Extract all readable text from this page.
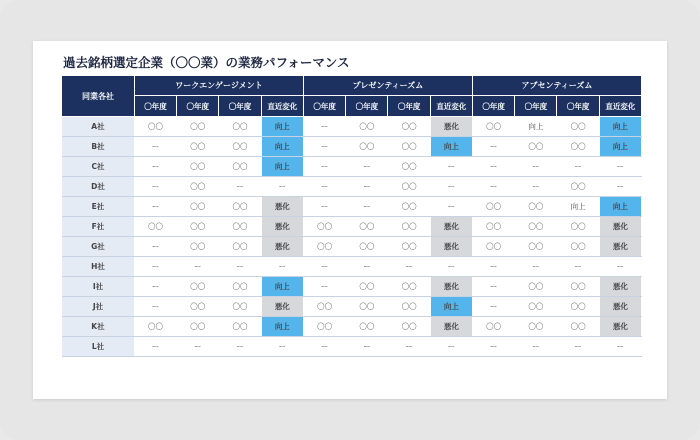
過去銘柄選定企業（〇〇業）の業務パフォーマンス
同業各社	ワークエンゲージメント				プレゼンティーズム				アブセンティーズム			
	〇年度	〇年度	〇年度	直近変化	〇年度	〇年度	〇年度	直近変化	〇年度	〇年度	〇年度	直近変化
A社	〇〇	〇〇	〇〇	向上	ー	〇〇	〇〇	悪化	〇〇	向上	〇〇	向上
B社	ー	〇〇	〇〇	向上	ー	〇〇	〇〇	向上	ー	〇〇	〇〇	向上
C社	ー	〇〇	〇〇	向上	ー	ー	〇〇	ー	ー	ー	ー	ー
D社	ー	〇〇	ー	ー	ー	ー	〇〇	ー	ー	ー	〇〇	ー
E社	ー	〇〇	〇〇	悪化	ー	ー	〇〇	ー	〇〇	〇〇	向上	向上
F社	〇〇	〇〇	〇〇	悪化	〇〇	〇〇	〇〇	悪化	〇〇	〇〇	〇〇	悪化
G社	ー	〇〇	〇〇	悪化	〇〇	〇〇	〇〇	悪化	〇〇	〇〇	〇〇	悪化
H社	ー	ー	ー	ー	ー	ー	ー	ー	ー	ー	ー	ー
I社	ー	〇〇	〇〇	向上	ー	〇〇	〇〇	悪化	ー	〇〇	〇〇	悪化
J社	ー	〇〇	〇〇	悪化	〇〇	〇〇	〇〇	向上	ー	〇〇	〇〇	悪化
K社	〇〇	〇〇	〇〇	向上	〇〇	〇〇	〇〇	悪化	〇〇	〇〇	〇〇	悪化
L社	ー	ー	ー	ー	ー	ー	ー	ー	ー	ー	ー	ー
